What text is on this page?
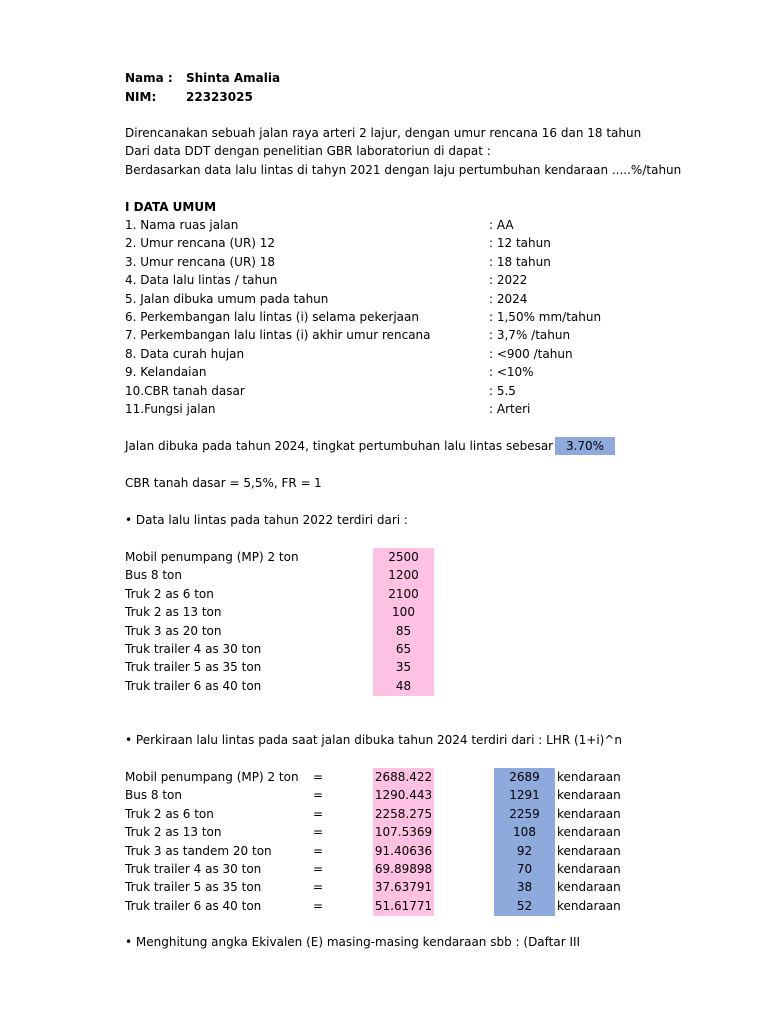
Nama : Shinta Amalia
NIM: 22323025
Direncanakan sebuah jalan raya arteri 2 lajur, dengan umur rencana 16 dan 18 tahun
Dari data DDT dengan penelitian GBR laboratoriun di dapat :
Berdasarkan data lalu lintas di tahyn 2021 dengan laju pertumbuhan kendaraan .....%/tahun
I DATA UMUM
1. Nama ruas jalan	: AA
2. Umur rencana (UR) 12	: 12 tahun
3. Umur rencana (UR) 18	: 18 tahun
4. Data lalu lintas / tahun	: 2022
5. Jalan dibuka umum pada tahun	: 2024
6. Perkembangan lalu lintas (i) selama pekerjaan	: 1,50% mm/tahun
7. Perkembangan lalu lintas (i) akhir umur rencana	: 3,7% /tahun
8. Data curah hujan	: <900 /tahun
9. Kelandaian	: <10%
10.CBR tanah dasar	: 5.5
11.Fungsi jalan	: Arteri
Jalan dibuka pada tahun 2024, tingkat pertumbuhan lalu lintas sebesar	3.70%
CBR tanah dasar = 5,5%, FR = 1
• Data lalu lintas pada tahun 2022 terdiri dari :
Mobil penumpang (MP) 2 ton	2500
Bus 8 ton	1200
Truk 2 as 6 ton	2100
Truk 2 as 13 ton	100
Truk 3 as 20 ton	85
Truk trailer 4 as 30 ton	65
Truk trailer 5 as 35 ton	35
Truk trailer 6 as 40 ton	48
• Perkiraan lalu lintas pada saat jalan dibuka tahun 2024 terdiri dari : LHR (1+i)^n
Mobil penumpang (MP) 2 ton =	2688.422	2689	kendaraan
Bus 8 ton	=	1290.443	1291	kendaraan
Truk 2 as 6 ton	=	2258.275	2259	kendaraan
Truk 2 as 13 ton	=	107.5369	108	kendaraan
Truk 3 as tandem 20 ton	=	91.40636	92	kendaraan
Truk trailer 4 as 30 ton	=	69.89898	70	kendaraan
Truk trailer 5 as 35 ton	=	37.63791	38	kendaraan
Truk trailer 6 as 40 ton	=	51.61771	52	kendaraan
• Menghitung angka Ekivalen (E) masing-masing kendaraan sbb : (Daftar III
